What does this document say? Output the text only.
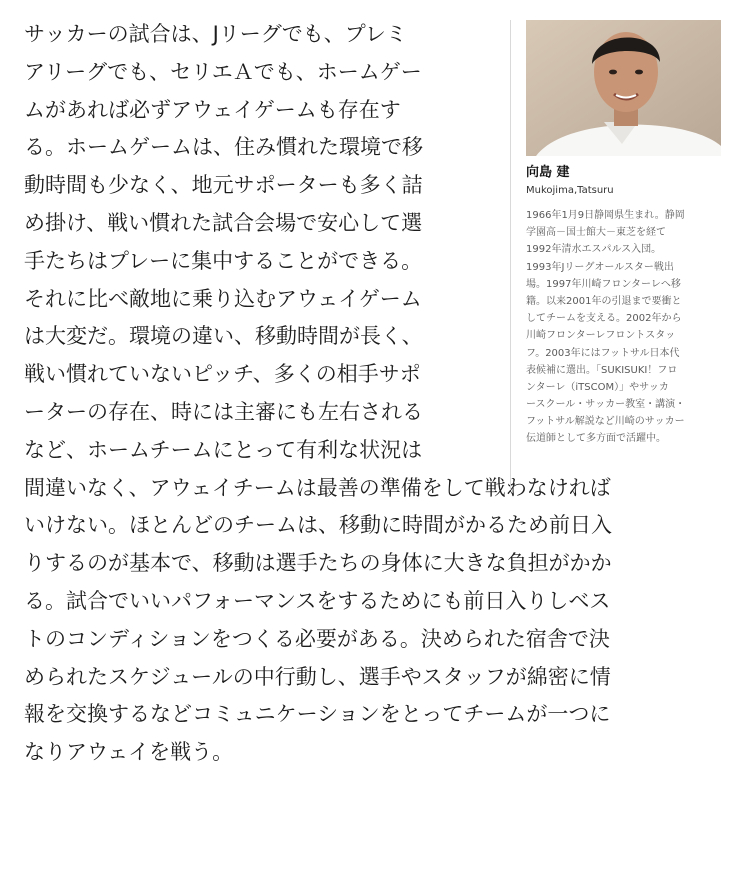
サッカーの試合は、Jリーグでも、プレミ
アリーグでも、セリエＡでも、ホームゲー
ムがあれば必ずアウェイゲームも存在す
る。ホームゲームは、住み慣れた環境で移
動時間も少なく、地元サポーターも多く詰
め掛け、戦い慣れた試合会場で安心して選
手たちはプレーに集中することができる。
それに比べ敵地に乗り込むアウェイゲーム
は大変だ。環境の違い、移動時間が長く、
戦い慣れていないピッチ、多くの相手サポ
ーターの存在、時には主審にも左右される
など、ホームチームにとって有利な状況は
間違いなく、アウェイチームは最善の準備をして戦わなければ
いけない。ほとんどのチームは、移動に時間がかるため前日入
りするのが基本で、移動は選手たちの身体に大きな負担がかか
る。試合でいいパフォーマンスをするためにも前日入りしベス
トのコンディションをつくる必要がある。決められた宿舎で決
められたスケジュールの中行動し、選手やスタッフが綿密に情
報を交換するなどコミュニケーションをとってチームが一つに
なりアウェイを戦う。
向島 建
Mukojima,Tatsuru
1966年1月9日静岡県生まれ。静岡
学園高－国士館大－東芝を経て
1992年清水エスパルス入団。
1993年Jリーグオールスター戦出
場。1997年川崎フロンターレへ移
籍。以来2001年の引退まで要衝と
してチームを支える。2002年から
川崎フロンターレフロントスタッ
フ。2003年にはフットサル日本代
表候補に選出。「SUKISUKI！フロ
ンターレ（iTSCOM）」やサッカ
ースクール・サッカー教室・講演・
フットサル解説など川崎のサッカー
伝道師として多方面で活躍中。
